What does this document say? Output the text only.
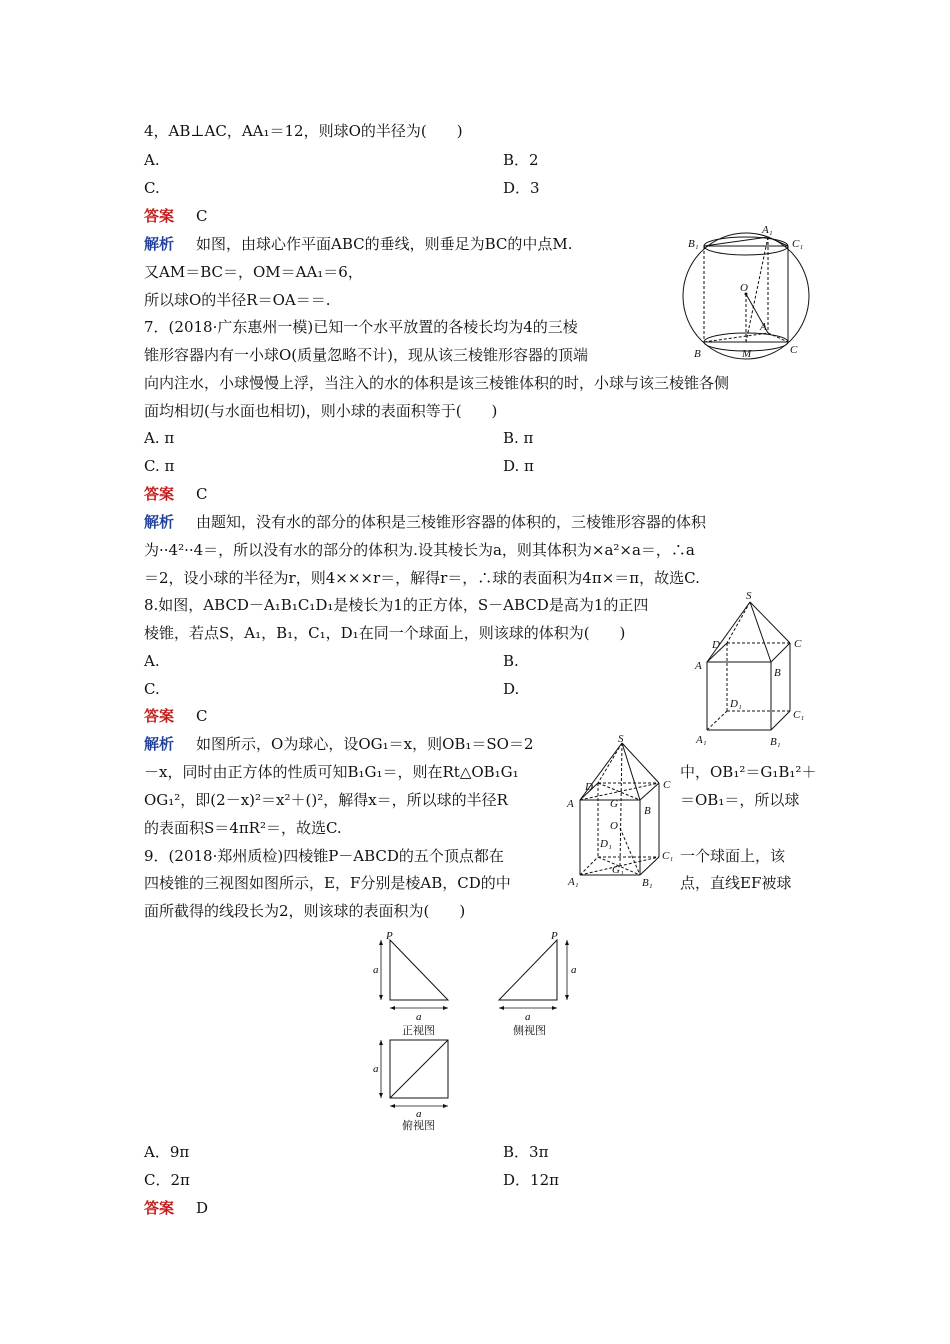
4，AB⊥AC，AA₁＝12，则球O的半径为(　　)
A.	B．2
C.	D．3
答案 C
解析 如图，由球心作平面ABC的垂线，则垂足为BC的中点M.
又AM＝BC＝，OM＝AA₁＝6，
所以球O的半径R＝OA＝＝.
A₁
B₁	C₁
O
A
B	M	C
7．(2018·广东惠州一模)已知一个水平放置的各棱长均为4的三棱
锥形容器内有一小球O(质量忽略不计)，现从该三棱锥形容器的顶端
向内注水，小球慢慢上浮，当注入的水的体积是该三棱锥体积的时，小球与该三棱锥各侧
面均相切(与水面也相切)，则小球的表面积等于(　　)
A. π	B. π
C. π	D. π
答案 C
解析 由题知，没有水的部分的体积是三棱锥形容器的体积的，三棱锥形容器的体积
为··4²··4＝，所以没有水的部分的体积为.设其棱长为a，则其体积为×a²×a＝，∴a
＝2，设小球的半径为r，则4×××r＝，解得r＝，∴球的表面积为4π×＝π，故选C.
8.如图，ABCD－A₁B₁C₁D₁是棱长为1的正方体，S－ABCD是高为1的正四
棱锥，若点S，A₁，B₁，C₁，D₁在同一个球面上，则该球的体积为(　　)
A.	B.
C.	D.
答案 C
解析 如图所示，O为球心，设OG₁＝x，则OB₁＝SO＝2
－x，同时由正方体的性质可知B₁G₁＝，则在Rt△OB₁G₁	中，OB₁²＝G₁B₁²＋
OG₁²，即(2－x)²＝x²＋()²，解得x＝，所以球的半径R	＝OB₁＝，所以球
的表面积S＝4πR²＝，故选C.
S
D	C
A
B
D₁
C₁
A₁	B₁
S
D	C
A	G
B
O
D₁
C₁
A₁
G₁
B₁
9．(2018·郑州质检)四棱锥P－ABCD的五个顶点都在	一个球面上，该
四棱锥的三视图如图所示，E，F分别是棱AB，CD的中	点，直线EF被球
面所截得的线段长为2，则该球的表面积为(　　)
P
a
a
正视图
P
a
a
侧视图
a
a
俯视图
A．9π	B．3π
C．2π	D．12π
答案 D
